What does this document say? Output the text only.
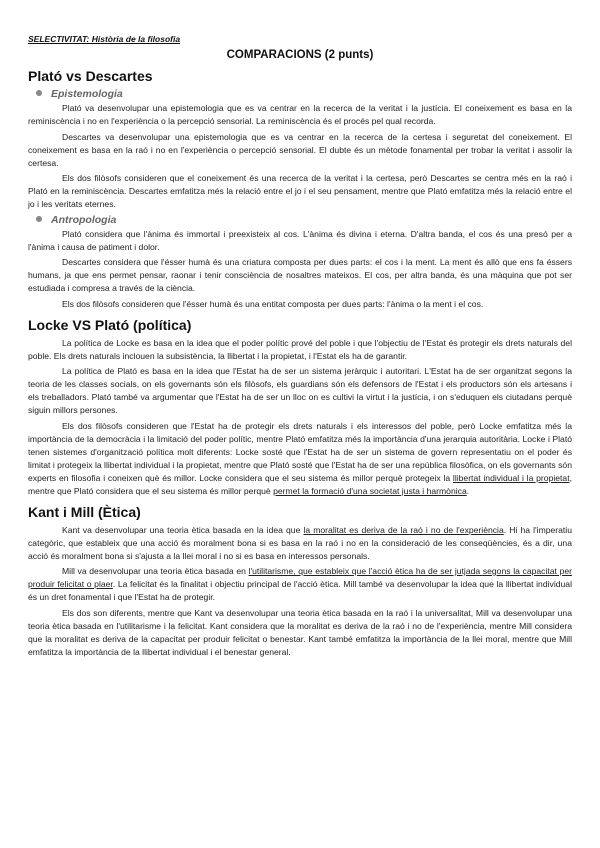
SELECTIVITAT: Història de la filosofia
COMPARACIONS (2 punts)
Plató vs Descartes
Epistemologia

Plató va desenvolupar una epistemologia que es va centrar en la recerca de la veritat i la justícia. El coneixement es basa en la reminiscència i no en l'experiència o la percepció sensorial. La reminiscència és el procés pel qual recorda.

Descartes va desenvolupar una epistemologia que es va centrar en la recerca de la certesa i seguretat del coneixement. El coneixement es basa en la raó i no en l'experiència o percepció sensorial. El dubte és un mètode fonamental per trobar la veritat i assolir la certesa.

Els dos filòsofs consideren que el coneixement és una recerca de la veritat i la certesa, però Descartes se centra més en la raó i Plató en la reminiscència. Descartes emfatitza més la relació entre el jo i el seu pensament, mentre que Plató emfatitza més la relació entre el jo i les veritats eternes.

Antropologia

Plató considera que l'ànima és immortal i preexisteix al cos. L'ànima és divina i eterna. D'altra banda, el cos és una presó per a l'ànima i causa de patiment i dolor.

Descartes considera que l'ésser humà és una criatura composta per dues parts: el cos i la ment. La ment és allò que ens fa éssers humans, ja que ens permet pensar, raonar i tenir consciència de nosaltres mateixos. El cos, per altra banda, és una màquina que pot ser estudiada i compresa a través de la ciència.

Els dos filòsofs consideren que l'ésser humà és una entitat composta per dues parts: l'ànima o la ment i el cos.

Locke VS Plató (política)

La política de Locke es basa en la idea que el poder polític prové del poble i que l'objectiu de l'Estat és protegir els drets naturals del poble. Els drets naturals inclouen la subsistència, la llibertat i la propietat, i l'Estat els ha de garantir.

La política de Plató es basa en la idea que l'Estat ha de ser un sistema jeràrquic i autoritari. L'Estat ha de ser organitzat segons la teoria de les classes socials, on els governants són els filòsofs, els guardians són els defensors de l'Estat i els productors són els artesans i els treballadors. Plató també va argumentar que l'Estat ha de ser un lloc on es cultivi la virtut i la justícia, i on s'eduquen els ciutadans perquè siguin millors persones.

Els dos filòsofs consideren que l'Estat ha de protegir els drets naturals i els interessos del poble, però Locke emfatitza més la importància de la democràcia i la limitació del poder polític, mentre Plató emfatitza més la importància d'una jerarquia autoritària. Locke i Plató tenen sistemes d'organització política molt diferents: Locke sosté que l'Estat ha de ser un sistema de govern representatiu on el poder és limitat i protegeix la llibertat individual i la propietat, mentre que Plató sosté que l'Estat ha de ser una república filosòfica, on els governants són experts en filosofia i coneixen què és millor. Locke considera que el seu sistema és millor perquè protegeix la llibertat individual i la propietat, mentre que Plató considera que el seu sistema és millor perquè permet la formació d'una societat justa i harmònica.

Kant i Mill (Ètica)

Kant va desenvolupar una teoria ètica basada en la idea que la moralitat es deriva de la raó i no de l'experiència. Hi ha l'imperatiu categòric, que estableix que una acció és moralment bona si es basa en la raó i no en la consideració de les conseqüències, és a dir, una acció és moralment bona si s'ajusta a la llei moral i no si es basa en interessos personals.

Mill va desenvolupar una teoria ètica basada en l'utilitarisme, que estableix que l'acció ètica ha de ser jutjada segons la capacitat per produir felicitat o plaer. La felicitat és la finalitat i objectiu principal de l'acció ètica. Mill també va desenvolupar la idea que la llibertat individual és un dret fonamental i que l'Estat ha de protegir.

Els dos son diferents, mentre que Kant va desenvolupar una teoria ètica basada en la raó i la universalitat, Mill va desenvolupar una teoria ètica basada en l'utilitarisme i la felicitat. Kant considera que la moralitat es deriva de la raó i no de l'experiència, mentre Mill considera que la moralitat es deriva de la capacitat per produir felicitat o benestar. Kant també emfatitza la importància de la llei moral, mentre que Mill emfatitza la importància de la llibertat individual i el benestar general.
